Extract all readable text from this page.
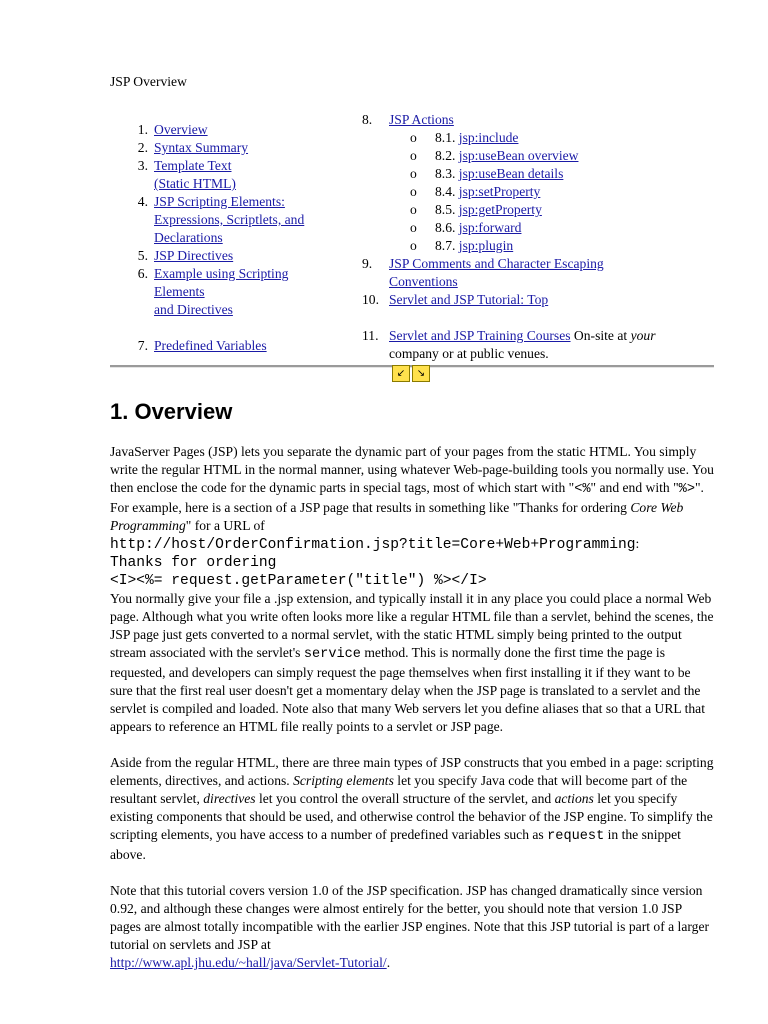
JSP Overview
1. Overview
2. Syntax Summary
3. Template Text
(Static HTML)
4. JSP Scripting Elements:
Expressions, Scriptlets, and
Declarations
5. JSP Directives
6. Example using Scripting
Elements
and Directives
7. Predefined Variables
8.	JSP Actions
o 8.1. jsp:include
o 8.2. jsp:useBean overview
o 8.3. jsp:useBean details
o 8.4. jsp:setProperty
o 8.5. jsp:getProperty
o 8.6. jsp:forward
o 8.7. jsp:plugin
9.	JSP Comments and Character Escaping
Conventions
10. Servlet and JSP Tutorial: Top
11. Servlet and JSP Training Courses On-site at your
company or at public venues.
↙	↘
1. Overview

JavaServer Pages (JSP) lets you separate the dynamic part of your pages from the static HTML. You simply write the regular HTML in the normal manner, using whatever Web-page-building tools you normally use. You then enclose the code for the dynamic parts in special tags, most of which start with "<%" and end with "%>". For example, here is a section of a JSP page that results in something like "Thanks for ordering Core Web Programming" for a URL of
http://host/OrderConfirmation.jsp?title=Core+Web+Programming:

Thanks for ordering
<I><%= request.getParameter("title") %></I>

You normally give your file a .jsp extension, and typically install it in any place you could place a normal Web page. Although what you write often looks more like a regular HTML file than a servlet, behind the scenes, the JSP page just gets converted to a normal servlet, with the static HTML simply being printed to the output stream associated with the servlet's service method. This is normally done the first time the page is requested, and developers can simply request the page themselves when first installing it if they want to be sure that the first real user doesn't get a momentary delay when the JSP page is translated to a servlet and the servlet is compiled and loaded. Note also that many Web servers let you define aliases that so that a URL that appears to reference an HTML file really points to a servlet or JSP page.

Aside from the regular HTML, there are three main types of JSP constructs that you embed in a page: scripting elements, directives, and actions. Scripting elements let you specify Java code that will become part of the resultant servlet, directives let you control the overall structure of the servlet, and actions let you specify existing components that should be used, and otherwise control the behavior of the JSP engine. To simplify the scripting elements, you have access to a number of predefined variables such as request in the snippet above.

Note that this tutorial covers version 1.0 of the JSP specification. JSP has changed dramatically since version 0.92, and although these changes were almost entirely for the better, you should note that version 1.0 JSP pages are almost totally incompatible with the earlier JSP engines. Note that this JSP tutorial is part of a larger tutorial on servlets and JSP at
http://www.apl.jhu.edu/~hall/java/Servlet-Tutorial/.
